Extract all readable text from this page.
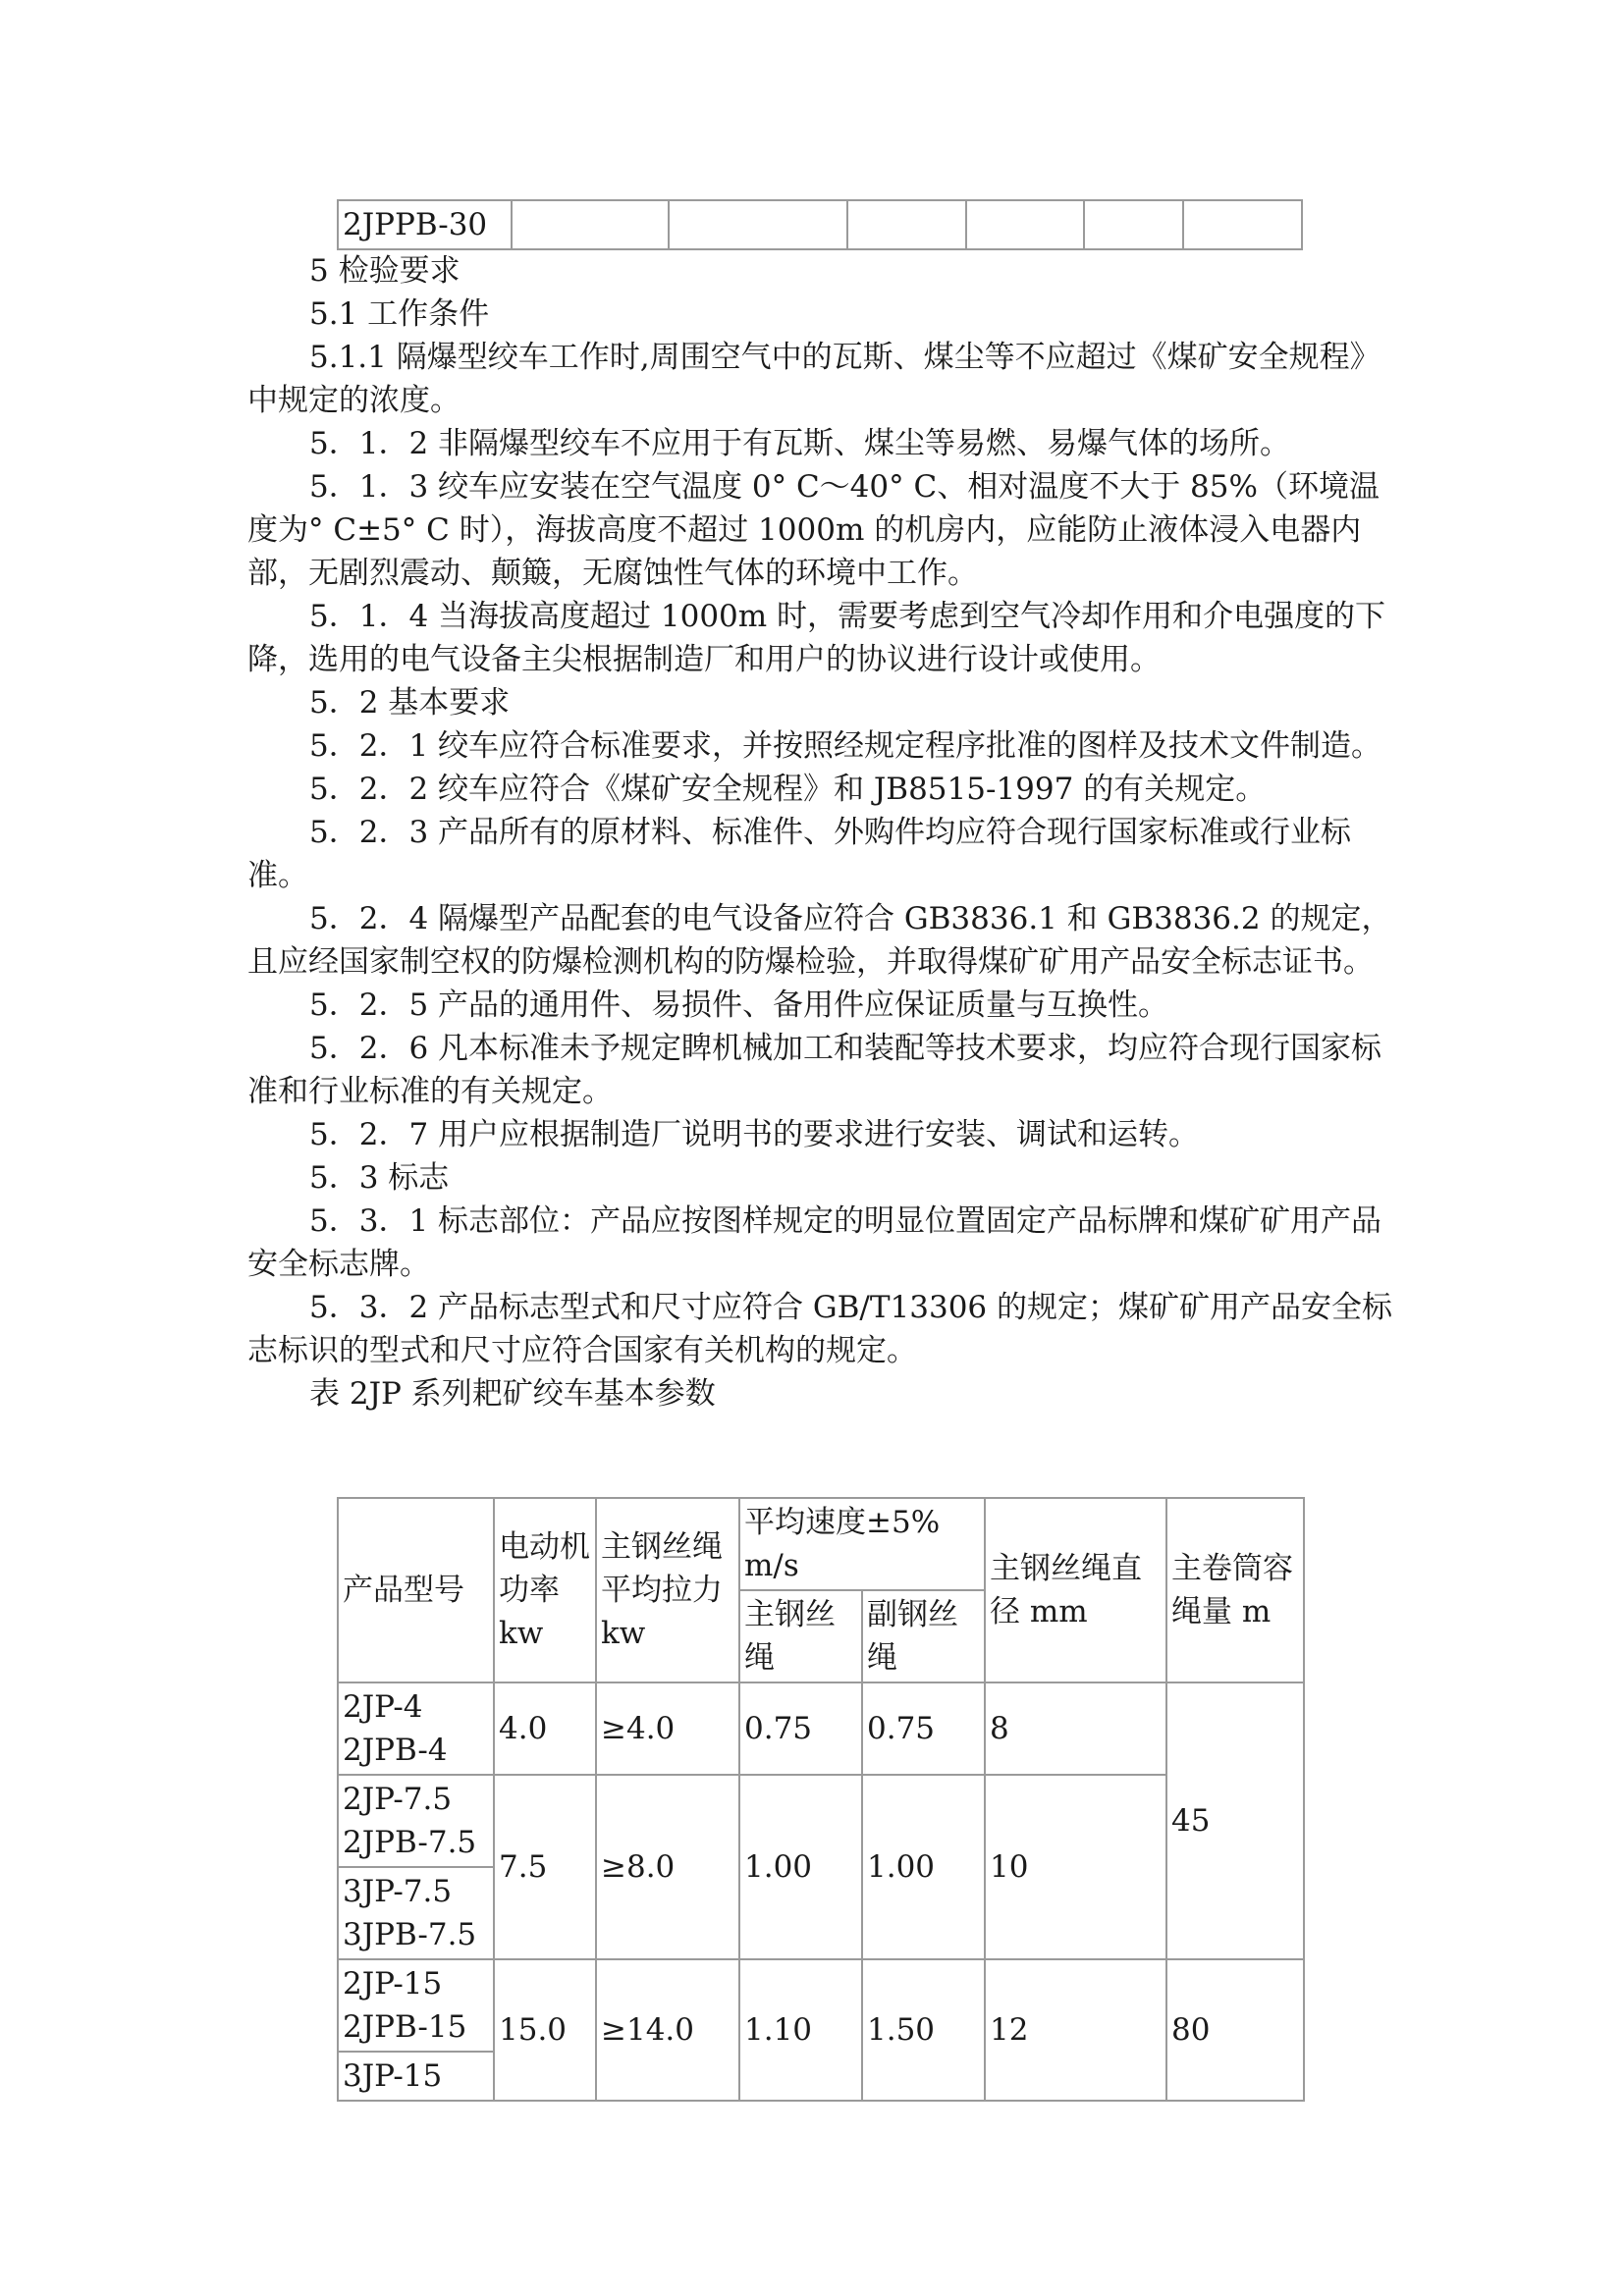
2JPPB-30						

5 检验要求

5.1 工作条件

5.1.1 隔爆型绞车工作时,周围空气中的瓦斯、煤尘等不应超过《煤矿安全规程》中规定的浓度。

5．1．2 非隔爆型绞车不应用于有瓦斯、煤尘等易燃、易爆气体的场所。

5．1．3 绞车应安装在空气温度 0° C～40° C、相对温度不大于 85%（环境温度为° C±5° C 时），海拔高度不超过 1000m 的机房内，应能防止液体浸入电器内部，无剧烈震动、颠簸，无腐蚀性气体的环境中工作。

5．1．4 当海拔高度超过 1000m 时，需要考虑到空气冷却作用和介电强度的下降，选用的电气设备主尖根据制造厂和用户的协议进行设计或使用。

5．2 基本要求

5．2．1 绞车应符合标准要求，并按照经规定程序批准的图样及技术文件制造。

5．2．2 绞车应符合《煤矿安全规程》和 JB8515-1997 的有关规定。

5．2．3 产品所有的原材料、标准件、外购件均应符合现行国家标准或行业标准。

5．2．4 隔爆型产品配套的电气设备应符合 GB3836.1 和 GB3836.2 的规定，且应经国家制空权的防爆检测机构的防爆检验，并取得煤矿矿用产品安全标志证书。

5．2．5 产品的通用件、易损件、备用件应保证质量与互换性。

5．2．6 凡本标准未予规定睥机械加工和装配等技术要求，均应符合现行国家标准和行业标准的有关规定。

5．2．7 用户应根据制造厂说明书的要求进行安装、调试和运转。

5．3 标志

5．3．1 标志部位：产品应按图样规定的明显位置固定产品标牌和煤矿矿用产品安全标志牌。

5．3．2 产品标志型式和尺寸应符合 GB/T13306 的规定；煤矿矿用产品安全标志标识的型式和尺寸应符合国家有关机构的规定。

表 2JP 系列耙矿绞车基本参数

产品型号	电动机功率 kw	主钢丝绳平均拉力 kw	平均速度±5% m/s		主钢丝绳直径 mm	主卷筒容绳量 m
			主钢丝绳	副钢丝绳		

2JP-4
2JPB-4	4.0	≥4.0	0.75	0.75	8	45

2JP-7.5
2JPB-7.5	7.5	≥8.0	1.00	1.00	10	

3JP-7.5
3JPB-7.5						

2JP-15
2JPB-15	15.0	≥14.0	1.10	1.50	12	80
3JP-15						
